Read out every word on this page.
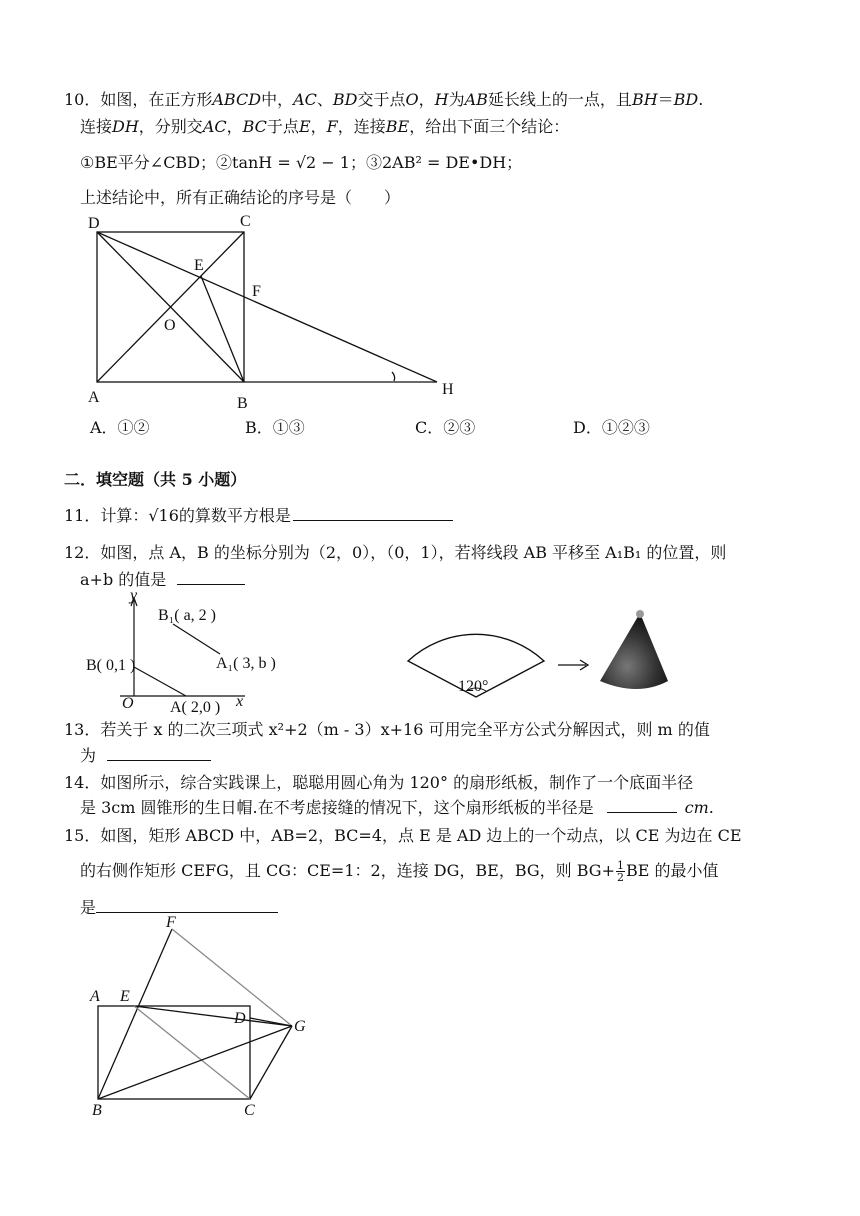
10．如图，在正方形ABCD中，AC、BD交于点O，H为AB延长线上的一点，且BH＝BD.
连接DH，分别交AC，BC于点E，F，连接BE，给出下面三个结论：
①BE平分∠CBD；②tanH = √2 − 1；③2AB² = DE•DH；
上述结论中，所有正确结论的序号是（　　）
D	C
E
F
O
A	B
H
A．①②	B．①③	C．②③	D．①②③
二．填空题（共 5 小题）
11．计算：√16的算数平方根是
12．如图，点 A，B 的坐标分别为（2，0），（0，1），若将线段 AB 平移至 A₁B₁ 的位置，则
a+b 的值是
y
x
O
B₁( a, 2 )
A₁( 3, b )
B( 0,1 )
A( 2,0 )
120°
13．若关于 x 的二次三项式 x²+2（m - 3）x+16 可用完全平方公式分解因式，则 m 的值
为
14．如图所示，综合实践课上，聪聪用圆心角为 120° 的扇形纸板，制作了一个底面半径
是 3cm 圆锥形的生日帽.在不考虑接缝的情况下，这个扇形纸板的半径是	cm.
15．如图，矩形 ABCD 中，AB=2，BC=4，点 E 是 AD 边上的一个动点，以 CE 为边在 CE
的右侧作矩形 CEFG，且 CG：CE=1：2，连接 DG，BE，BG，则 $BG+ \frac{1}{2}$ BE 的最小值
是
F
A E
D	G
B	C
